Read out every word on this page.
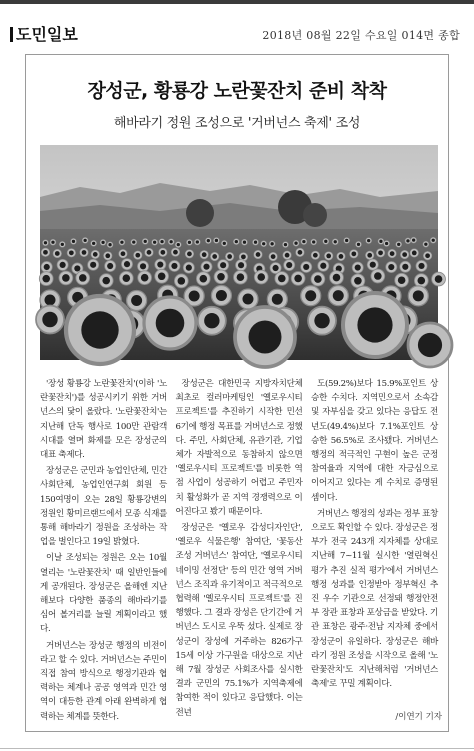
도민일보	2018년 08월 22일 수요일 014면 종합
장성군, 황룡강 노란꽃잔치 준비 착착
해바라기 정원 조성으로 '거버넌스 축제' 조성

'장성 황룡강 노란꽃잔치'(이하 '노란꽃잔치')를 성공시키기 위한 거버넌스의 닻이 올랐다. '노란꽃잔치'는 지난해 단독 행사로 100만 관람객 시대를 열며 화제를 모은 장성군의 대표 축제다.

장성군은 군민과 농업인단체, 민간사회단체, 농업인연구회 회원 등 150여명이 오는 28일 황룡강변의 정원인 황미르랜드에서 모종 식재를 통해 해바라기 정원을 조성하는 작업을 벌인다고 19일 밝혔다.

이날 조성되는 정원은 오는 10월 열리는 '노란꽃잔치' 때 일반인들에게 공개된다. 장성군은 올해엔 지난해보다 다양한 품종의 해바라기를 심어 볼거리를 늘릴 계획이라고 했다.

거버넌스는 장성군 행정의 비전이라고 할 수 있다. 거버넌스는 주민이 직접 참여 방식으로 행정기관과 협력하는 체계나 공공 영역과 민간 영역이 대등한 관계 아래 완벽하게 협력하는 체계를 뜻한다.

장성군은 대한민국 지방자치단체 최초로 컬러마케팅인 '옐로우시티 프로젝트'를 추진하기 시작한 민선 6기에 행정 목표를 거버넌스로 정했다. 주민, 사회단체, 유관기관, 기업체가 자발적으로 동참하지 않으면 '옐로우시티 프로젝트'를 비롯한 역점 사업이 성공하기 어렵고 주민자치 활성화가 곧 지역 경쟁력으로 이어진다고 봤기 때문이다.

장성군은 '옐로우 감성디자인단', '옐로우 식물은행' 참여단, '꽃동산 조성 거버넌스' 참여단, '옐로우시티 네이밍 선정단' 등의 민간 영역 거버넌스 조직과 유기적이고 적극적으로 협력해 '옐로우시티 프로젝트'를 진행했다. 그 결과 장성은 단기간에 거버넌스 도시로 우뚝 섰다. 실제로 장성군이 장성에 거주하는 826가구 15세 이상 가구원을 대상으로 지난해 7월 장성군 사회조사를 실시한 결과 군민의 75.1%가 지역축제에 참여한 적이 있다고 응답했다. 이는 전년

도(59.2%)보다 15.9%포인트 상승한 수치다. 지역민으로서 소속감 및 자부심을 갖고 있다는 응답도 전년도(49.4%)보다 7.1%포인트 상승한 56.5%로 조사됐다. 거버넌스 행정의 적극적인 구현이 높은 군정 참여율과 지역에 대한 자긍심으로 이어지고 있다는 게 수치로 증명된 셈이다.

거버넌스 행정의 성과는 정부 표창으로도 확인할 수 있다. 장성군은 정부가 전국 243개 지자체를 상대로 지난해 7~11월 실시한 '열린혁신 평가 추진 실적 평가'에서 거버넌스 행정 성과를 인정받아 정부혁신 추진 우수 기관으로 선정돼 행정안전부 장관 표창과 포상금을 받았다. 기관 표창은 광주·전남 지자체 중에서 장성군이 유일하다. 장성군은 해바라기 정원 조성을 시작으로 올해 '노란꽃잔치'도 지난해처럼 '거버넌스 축제'로 꾸밀 계획이다.

/이연기 기자
